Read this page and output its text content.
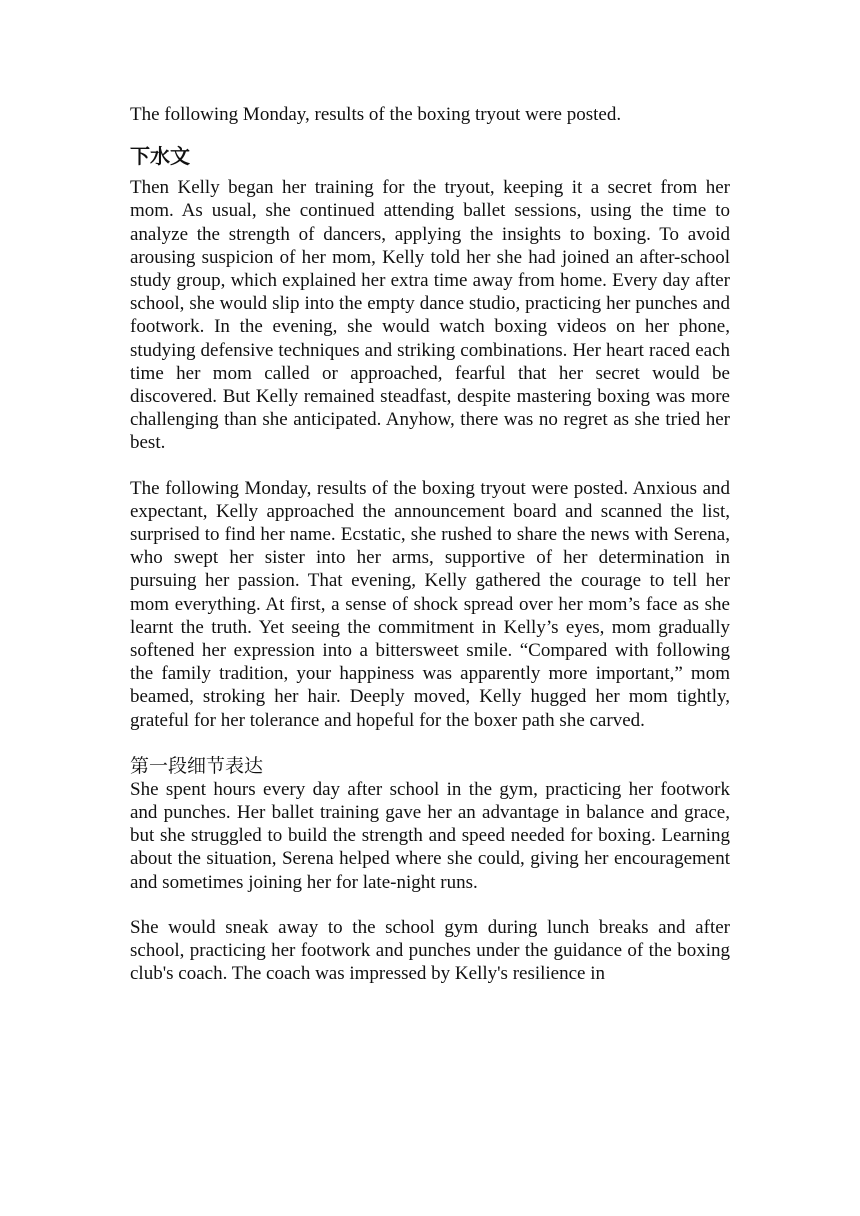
The following Monday, results of the boxing tryout were posted.

下水文

Then Kelly began her training for the tryout, keeping it a secret from her mom. As usual, she continued attending ballet sessions, using the time to analyze the strength of dancers, applying the insights to boxing. To avoid arousing suspicion of her mom, Kelly told her she had joined an after-school study group, which explained her extra time away from home. Every day after school, she would slip into the empty dance studio, practicing her punches and footwork. In the evening, she would watch boxing videos on her phone, studying defensive techniques and striking combinations. Her heart raced each time her mom called or approached, fearful that her secret would be discovered. But Kelly remained steadfast, despite mastering boxing was more challenging than she anticipated. Anyhow, there was no regret as she tried her best.

The following Monday, results of the boxing tryout were posted. Anxious and expectant, Kelly approached the announcement board and scanned the list, surprised to find her name. Ecstatic, she rushed to share the news with Serena, who swept her sister into her arms, supportive of her determination in pursuing her passion. That evening, Kelly gathered the courage to tell her mom everything. At first, a sense of shock spread over her mom’s face as she learnt the truth. Yet seeing the commitment in Kelly’s eyes, mom gradually softened her expression into a bittersweet smile. “Compared with following the family tradition, your happiness was apparently more important,” mom beamed, stroking her hair. Deeply moved, Kelly hugged her mom tightly, grateful for her tolerance and hopeful for the boxer path she carved.

第一段细节表达

She spent hours every day after school in the gym, practicing her footwork and punches. Her ballet training gave her an advantage in balance and grace, but she struggled to build the strength and speed needed for boxing. Learning about the situation, Serena helped where she could, giving her encouragement and sometimes joining her for late-night runs.

She would sneak away to the school gym during lunch breaks and after school, practicing her footwork and punches under the guidance of the boxing club's coach. The coach was impressed by Kelly's resilience in
